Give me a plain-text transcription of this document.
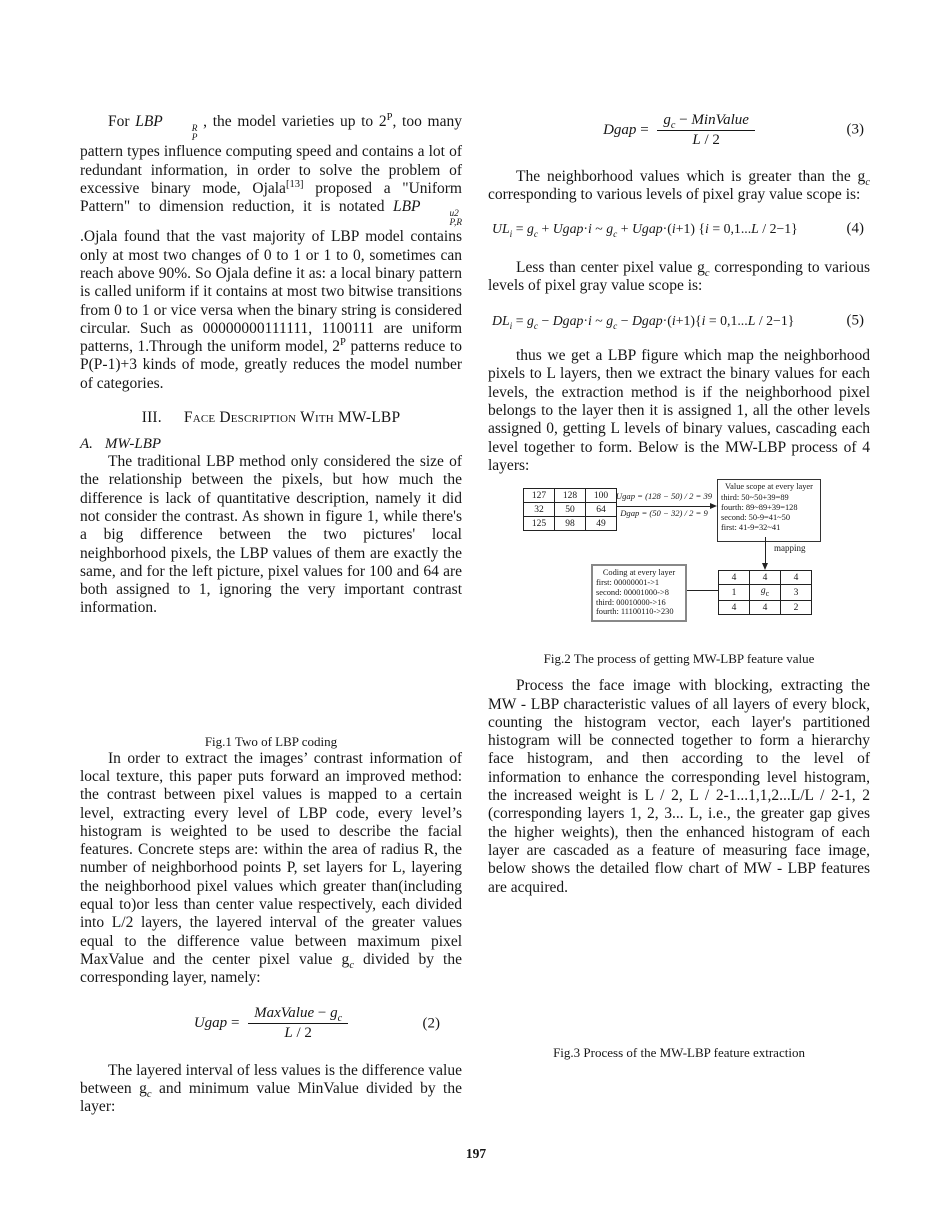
For LBP	R
P
, the model varieties up to $2^P$, too many pattern types influence computing speed and contains a lot of redundant information, in order to solve the problem of excessive binary mode, Ojala[13] proposed a "Uniform Pattern" to dimension reduction, it is notated LBP	u2
P,R
.Ojala found that the vast majority of LBP model contains only at most two changes of 0 to 1 or 1 to 0, sometimes can reach above 90%. So Ojala define it as: a local binary pattern is called uniform if it contains at most two bitwise transitions from 0 to 1 or vice versa when the binary string is considered circular. Such as 00000000111111, 1100111 are uniform patterns, 1.Through the uniform model, $2^P$ patterns reduce to P(P-1)+3 kinds of mode, greatly reduces the model number of categories.

III. Face Description With MW-LBP
A. MW-LBP

The traditional LBP method only considered the size of the relationship between the pixels, but how much the difference is lack of quantitative description, namely it did not consider the contrast. As shown in figure 1, while there's a big difference between the two pictures' local neighborhood pixels, the LBP values of them are exactly the same, and for the left picture, pixel values for 100 and 64 are both assigned to 1, ignoring the very important contrast information.

Fig.1 Two of LBP coding

In order to extract the images’ contrast information of local texture, this paper puts forward an improved method: the contrast between pixel values is mapped to a certain level, extracting every level of LBP code, every level’s histogram is weighted to be used to describe the facial features. Concrete steps are: within the area of radius R, the number of neighborhood points P, set layers for L, layering the neighborhood pixel values which greater than(including equal to)or less than center value respectively, each divided into L/2 layers, the layered interval of the greater values equal to the difference value between maximum pixel MaxValue and the center pixel value $g_c$ divided by the corresponding layer, namely:

Ugap = $\frac{MaxValue - g_c}{L / 2}$	(2)

The layered interval of less values is the difference value between $g_c$ and minimum value MinValue divided by the layer:

Dgap = $\frac{g_c - MinValue}{L / 2}$	(3)

The neighborhood values which is greater than the $g_c$ corresponding to various levels of pixel gray value scope is:

$UL_i = g_c$ + Ugap·i ~ $g_c$ + Ugap·(i+1) {i = 0,1...L / 2−1}	(4)

Less than center pixel value $g_c$ corresponding to various levels of pixel gray value scope is:

$DL_i = g_c$ − Dgap·i ~ $g_c$ − Dgap·(i+1){i = 0,1...L / 2−1}	(5)

thus we get a LBP figure which map the neighborhood pixels to L layers, then we extract the binary values for each levels, the extraction method is if the neighborhood pixel belongs to the layer then it is assigned 1, all the other levels assigned 0, getting L levels of binary values, cascading each level together to form. Below is the MW-LBP process of 4 layers:

127	128	100
32	50	64
125	98	49
Ugap = (128 − 50) / 2 = 39
Dgap = (50 − 32) / 2 = 9
Value scope at every layer
third: 50~50+39=89
fourth: 89~89+39=128
second: 50-9=41~50
first: 41-9=32~41
mapping
4	4	4
1	$g_c$	3
4	4	2
Coding at every layer
first: 00000001->1
second: 00001000->8
third: 00010000->16
fourth: 11100110->230
Fig.2 The process of getting MW-LBP feature value

Process the face image with blocking, extracting the MW - LBP characteristic values of all layers of every block, counting the histogram vector, each layer's partitioned histogram will be connected together to form a hierarchy face histogram, and then according to the level of information to enhance the corresponding level histogram, the increased weight is L / 2, L / 2-1...1,1,2...L/L / 2-1, 2 (corresponding layers 1, 2, 3... L, i.e., the greater gap gives the higher weights), then the enhanced histogram of each layer are cascaded as a feature of measuring face image, below shows the detailed flow chart of MW - LBP features are acquired.

Fig.3 Process of the MW-LBP feature extraction
197
